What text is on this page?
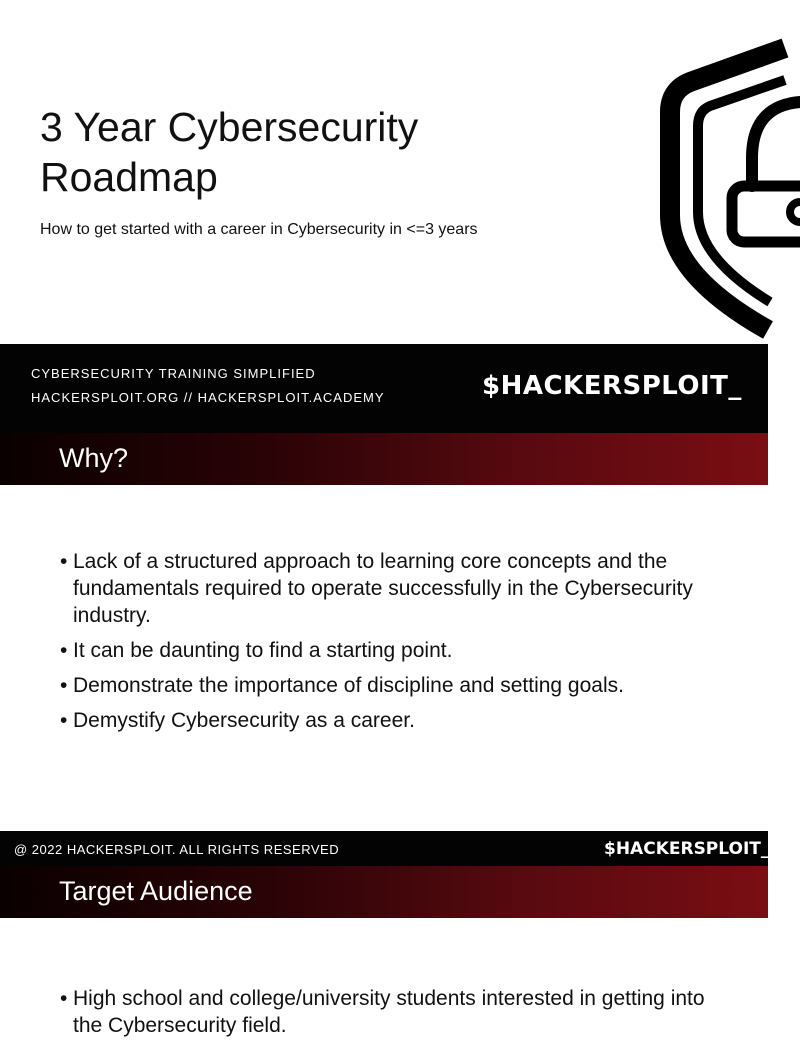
3 Year Cybersecurity Roadmap

How to get started with a career in Cybersecurity in <=3 years

CYBERSECURITY TRAINING SIMPLIFIED
HACKERSPLOIT.ORG // HACKERSPLOIT.ACADEMY	$HACKERSPLOIT_
Why?
• Lack of a structured approach to learning core concepts and the fundamentals required to operate successfully in the Cybersecurity industry.
• It can be daunting to find a starting point.
• Demonstrate the importance of discipline and setting goals.
• Demystify Cybersecurity as a career.
@ 2022 HACKERSPLOIT. ALL RIGHTS RESERVED	$HACKERSPLOIT_
Target Audience
• High school and college/university students interested in getting into the Cybersecurity field.
